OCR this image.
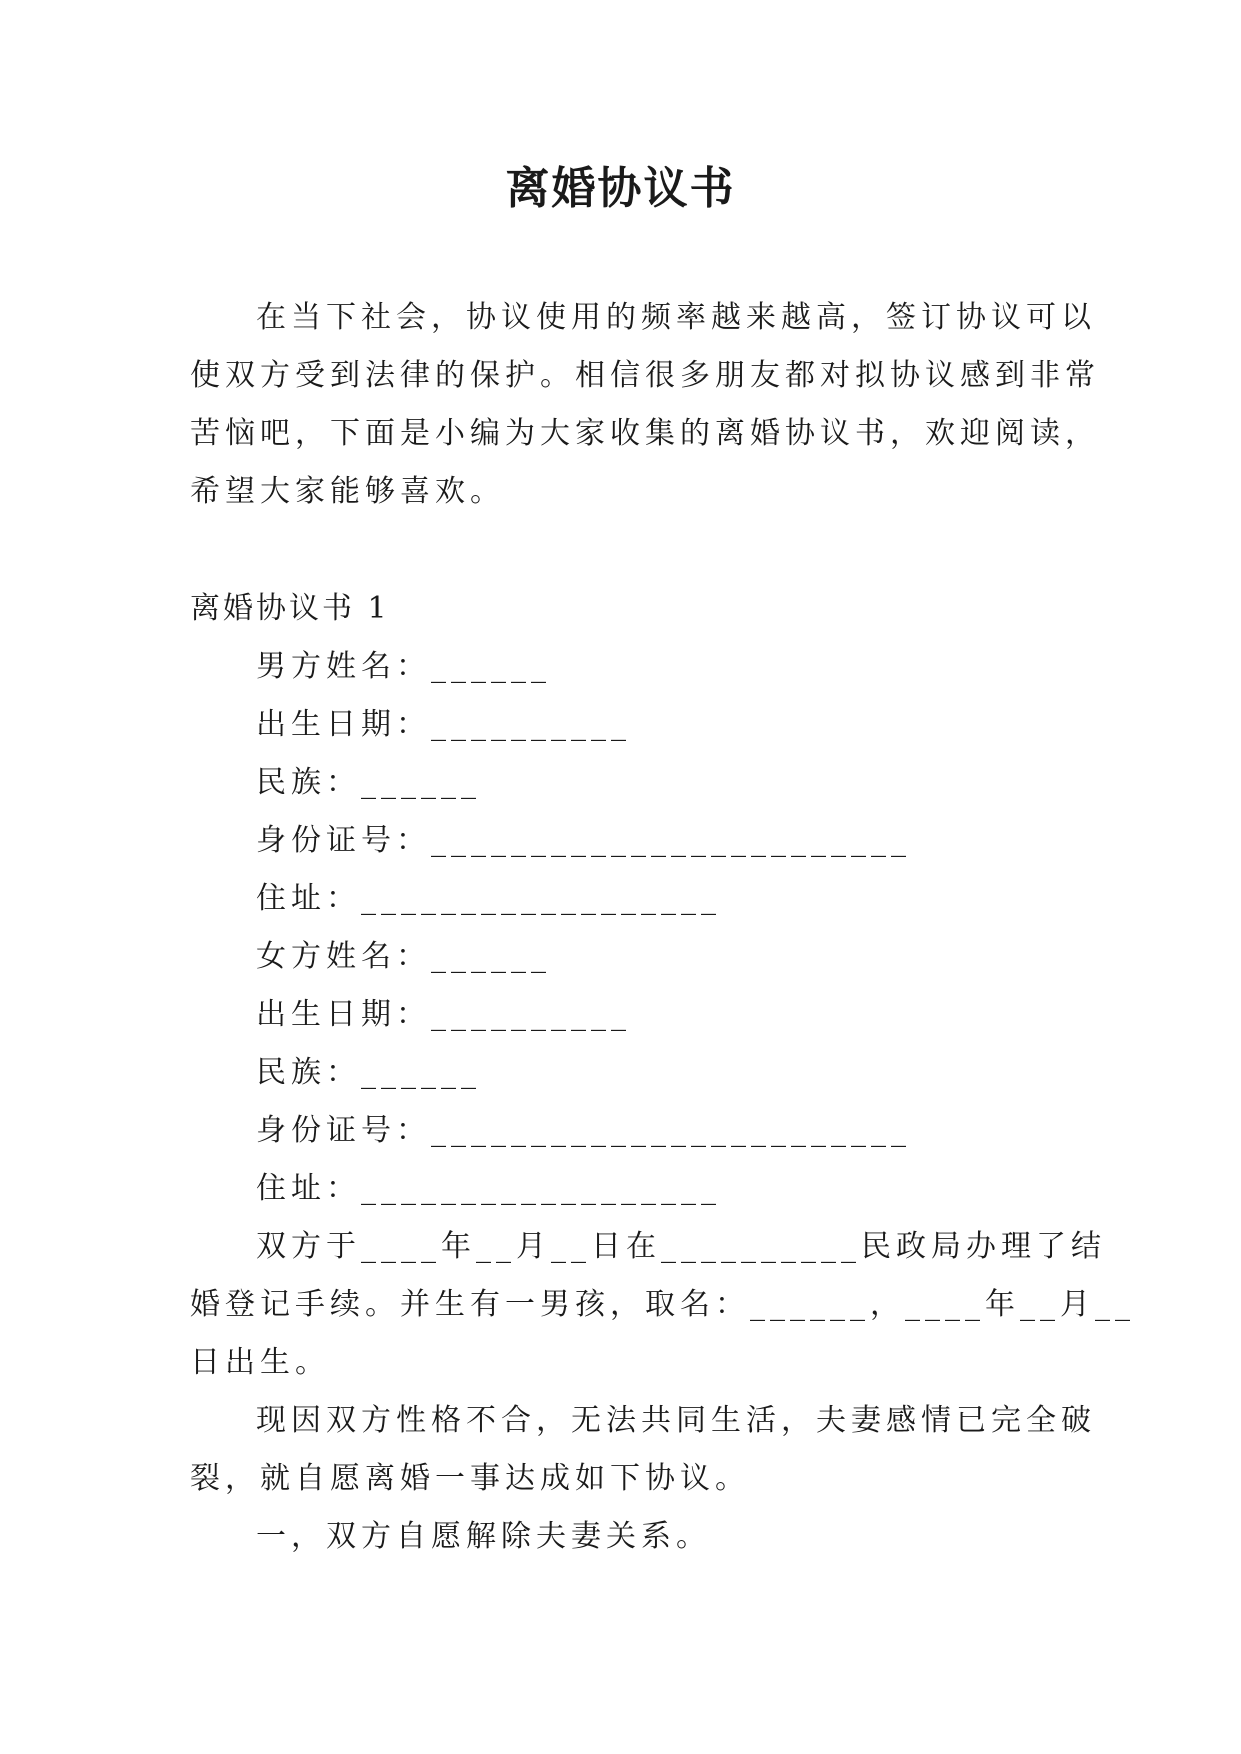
离婚协议书
在当下社会，协议使用的频率越来越高，签订协议可以
使双方受到法律的保护。相信很多朋友都对拟协议感到非常
苦恼吧，下面是小编为大家收集的离婚协议书，欢迎阅读，
希望大家能够喜欢。
离婚协议书 1
男方姓名：______
出生日期：__________
民族：______
身份证号：________________________
住址：__________________
女方姓名：______
出生日期：__________
民族：______
身份证号：________________________
住址：__________________
双方于____年__月__日在__________民政局办理了结
婚登记手续。并生有一男孩，取名：______，____年__月__
日出生。
现因双方性格不合，无法共同生活，夫妻感情已完全破
裂，就自愿离婚一事达成如下协议。
一，双方自愿解除夫妻关系。
